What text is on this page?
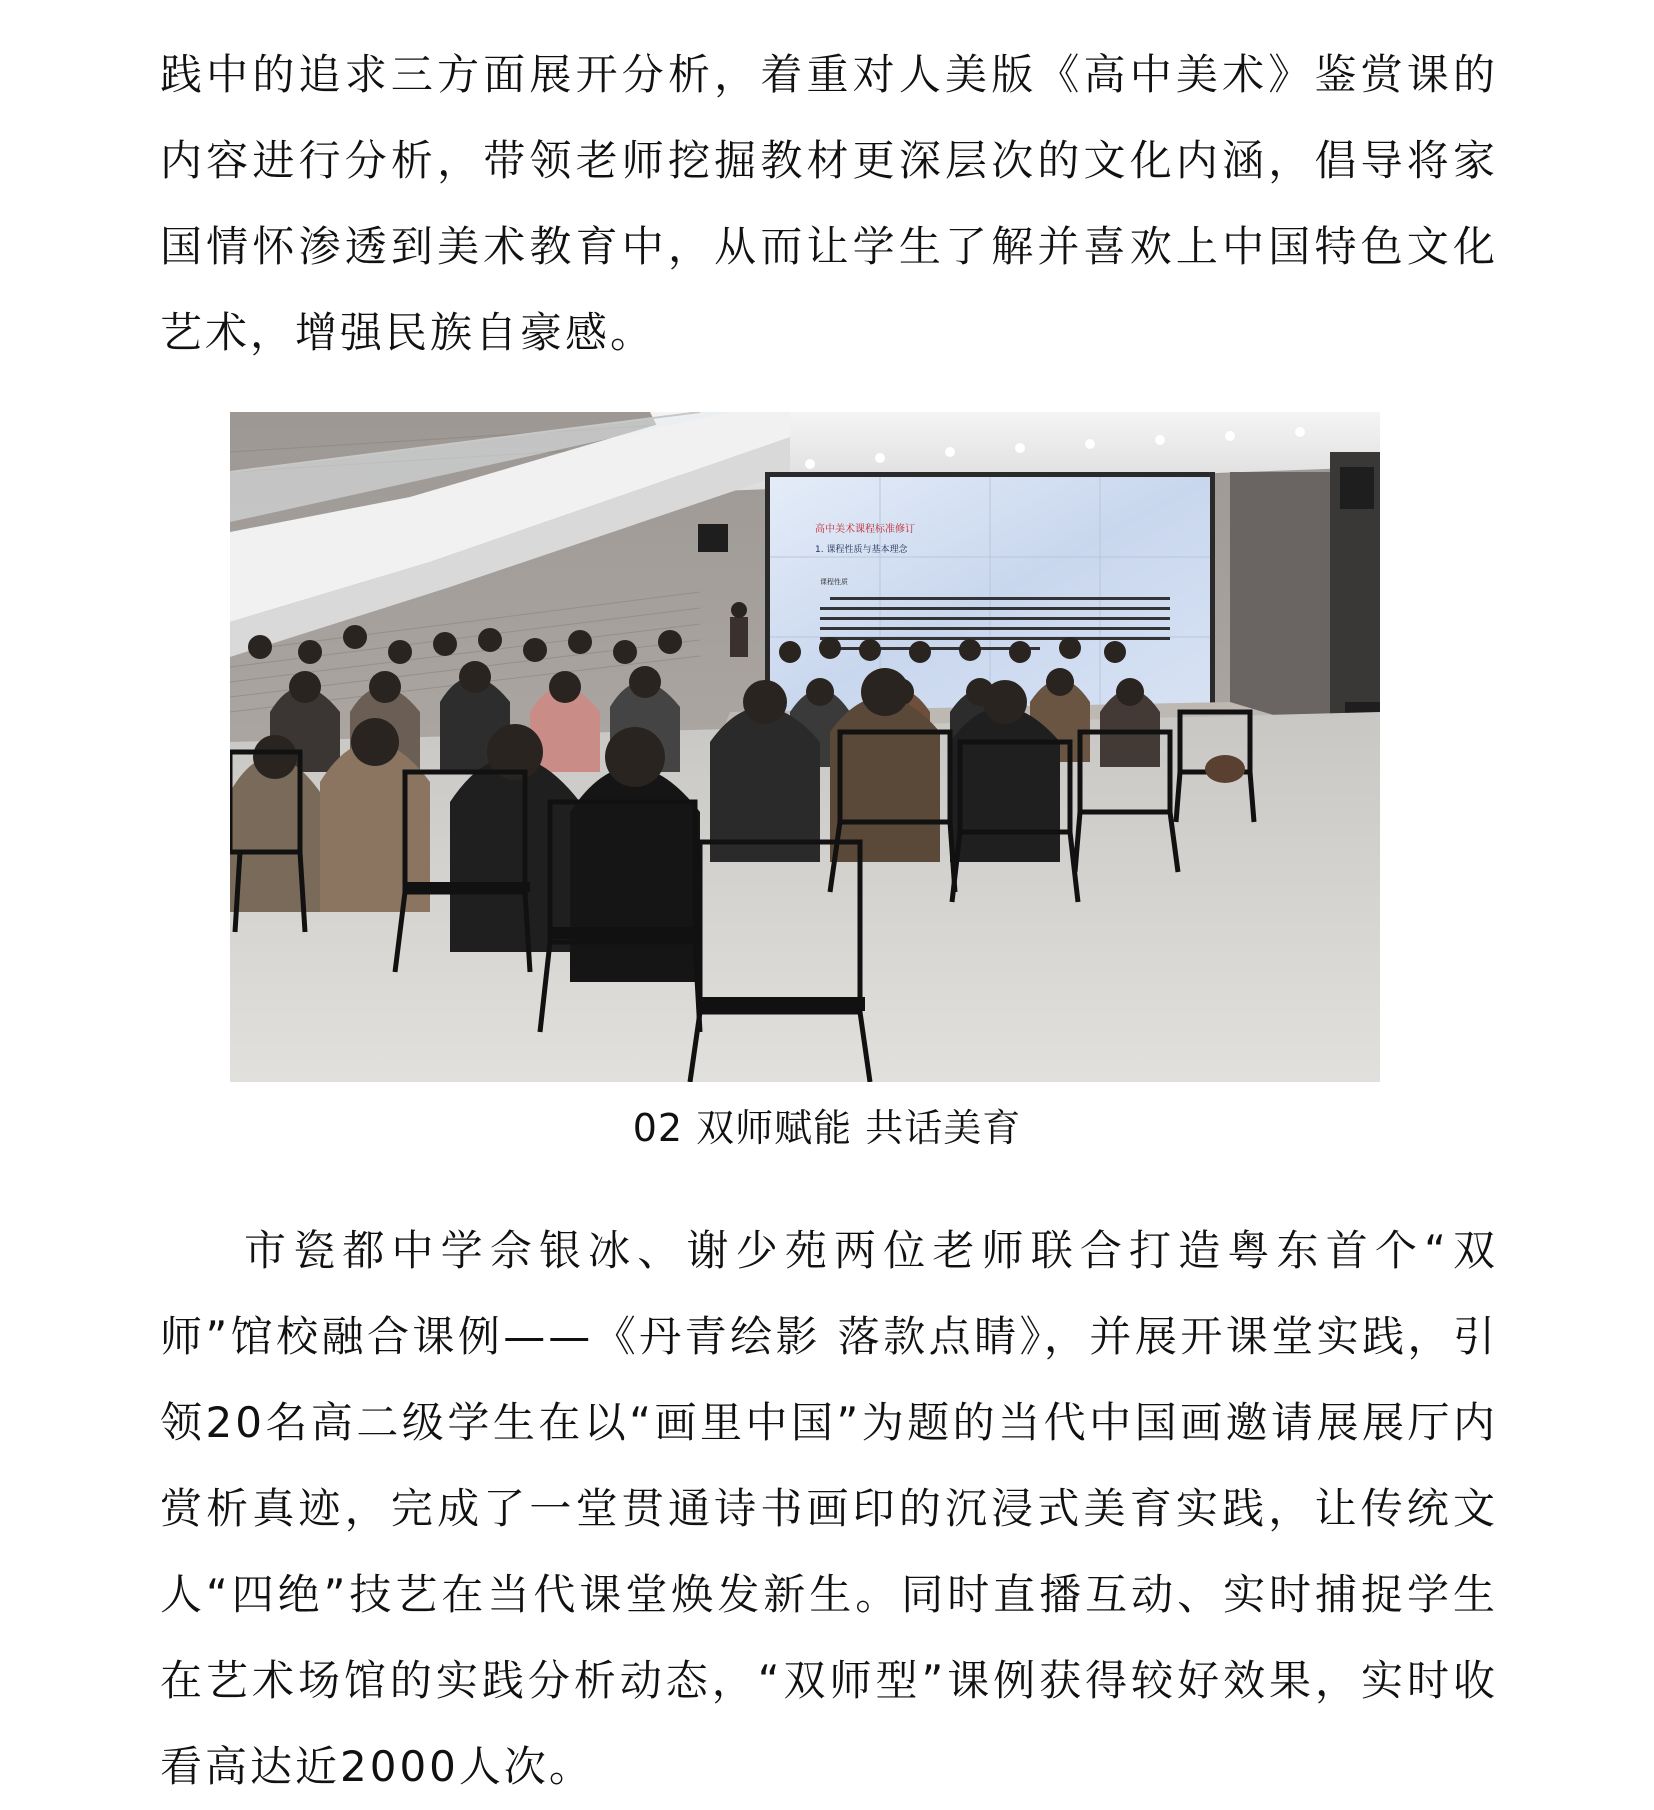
践中的追求三方面展开分析，着重对人美版《高中美术》鉴赏课的内容进行分析，带领老师挖掘教材更深层次的文化内涵，倡导将家国情怀渗透到美术教育中，从而让学生了解并喜欢上中国特色文化艺术，增强民族自豪感。

高中美术课程标准修订
1. 课程性质与基本理念
课程性质
02 双师赋能 共话美育

市瓷都中学佘银冰、谢少苑两位老师联合打造粤东首个“双师”馆校融合课例——《丹青绘影 落款点睛》，并展开课堂实践，引领20名高二级学生在以“画里中国”为题的当代中国画邀请展展厅内赏析真迹，完成了一堂贯通诗书画印的沉浸式美育实践，让传统文人“四绝”技艺在当代课堂焕发新生。同时直播互动、实时捕捉学生在艺术场馆的实践分析动态，“双师型”课例获得较好效果，实时收看高达近2000人次。
